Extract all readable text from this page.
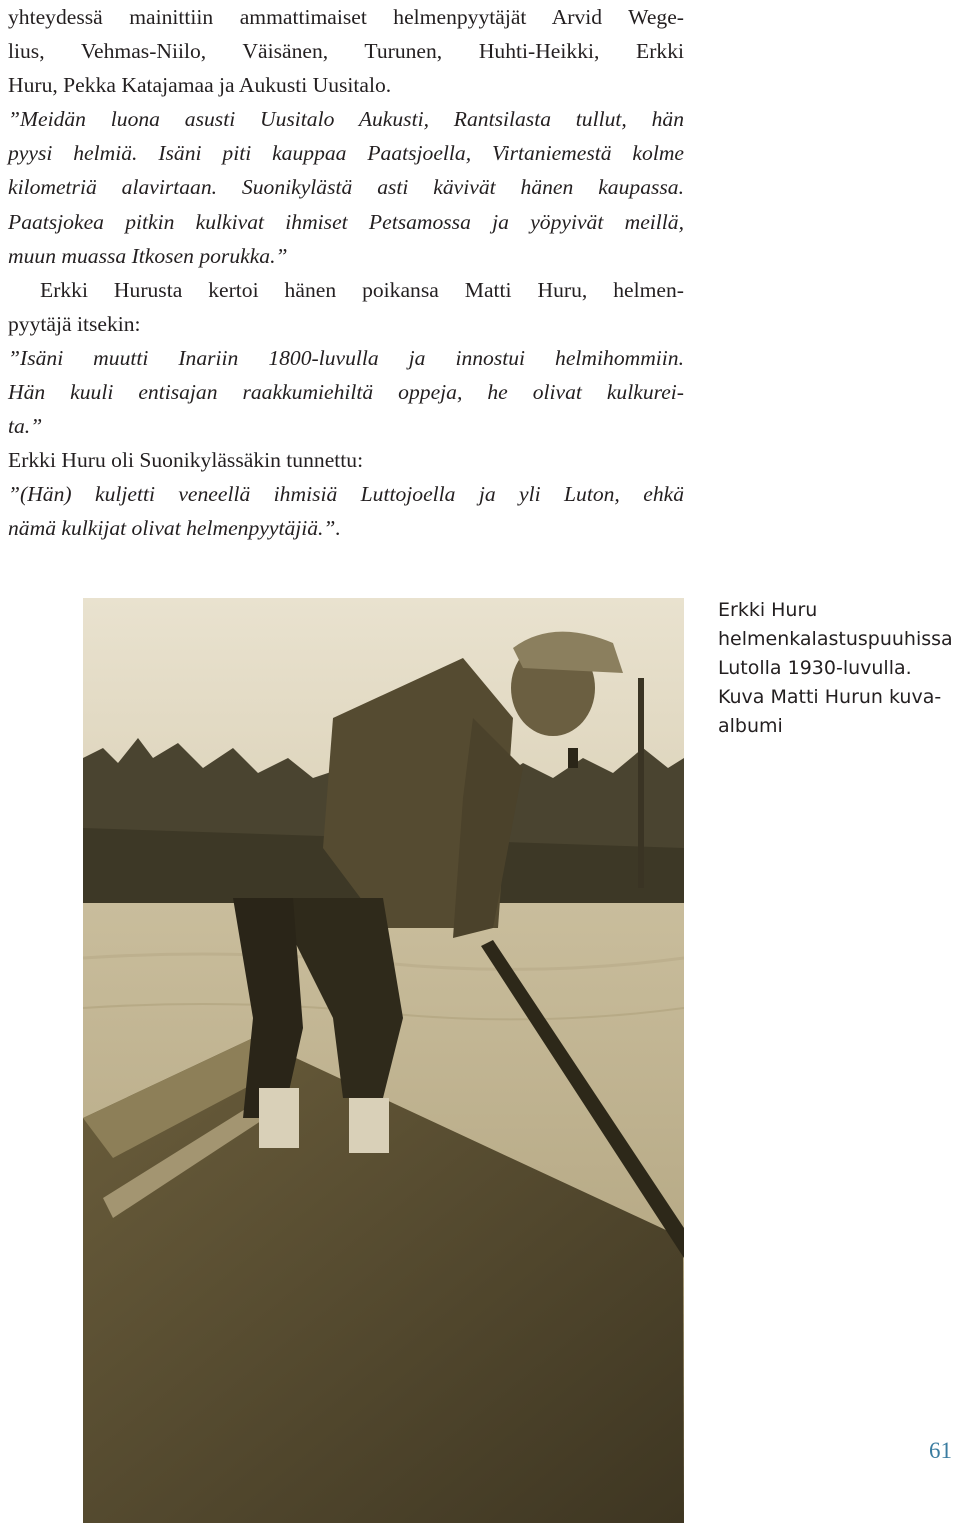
yhteydessä mainittiin ammattimaiset helmenpyytäjät Arvid Wege-
lius, Vehmas-Niilo, Väisänen, Turunen, Huhti-Heikki, Erkki
Huru, Pekka Katajamaa ja Aukusti Uusitalo.
”Meidän luona asusti Uusitalo Aukusti, Rantsilasta tullut, hän
pyysi helmiä. Isäni piti kauppaa Paatsjoella, Virtaniemestä kolme
kilometriä alavirtaan. Suonikylästä asti kävivät hänen kaupassa.
Paatsjokea pitkin kulkivat ihmiset Petsamossa ja yöpyivät meillä,
muun muassa Itkosen porukka.”
Erkki Hurusta kertoi hänen poikansa Matti Huru, helmen-
pyytäjä itsekin:
”Isäni muutti Inariin 1800-luvulla ja innostui helmihommiin.
Hän kuuli entisajan raakkumiehiltä oppeja, he olivat kulkurei-
ta.”
Erkki Huru oli Suonikylässäkin tunnettu:
”(Hän) kuljetti veneellä ihmisiä Luttojoella ja yli Luton, ehkä
nämä kulkijat olivat helmenpyytäjiä.”.
Erkki Huru
helmenkalastuspuuhissa
Lutolla 1930-luvulla.
Kuva Matti Hurun kuva-
albumi
61
